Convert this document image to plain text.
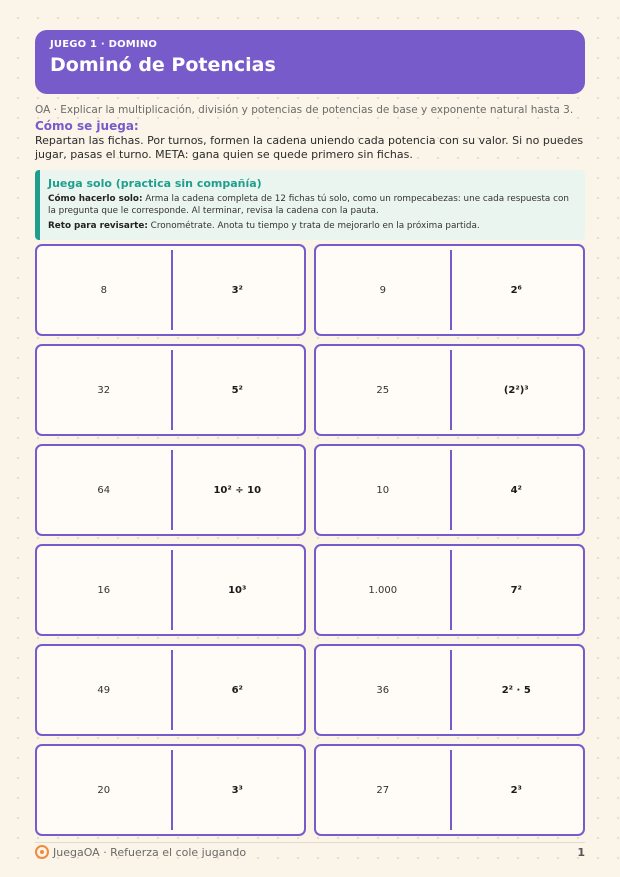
JUEGO 1 · DOMINO
Dominó de Potencias
OA · Explicar la multiplicación, división y potencias de potencias de base y exponente natural hasta 3.
Cómo se juega:
Repartan las fichas. Por turnos, formen la cadena uniendo cada potencia con su valor. Si no puedes jugar, pasas el turno. META: gana quien se quede primero sin fichas.
Juega solo (practica sin compañía)

Cómo hacerlo solo: Arma la cadena completa de 12 fichas tú solo, como un rompecabezas: une cada respuesta con la pregunta que le corresponde. Al terminar, revisa la cadena con la pauta.

Reto para revisarte: Cronométrate. Anota tu tiempo y trata de mejorarlo en la próxima partida.

8	3²	9	2⁶
32	5²	25	(2²)³
64	10² ÷ 10	10	4²
16	10³	1.000	7²
49	6²	36	2² · 5
20	3³	27	2³
JuegaOA · Refuerza el cole jugando	1
